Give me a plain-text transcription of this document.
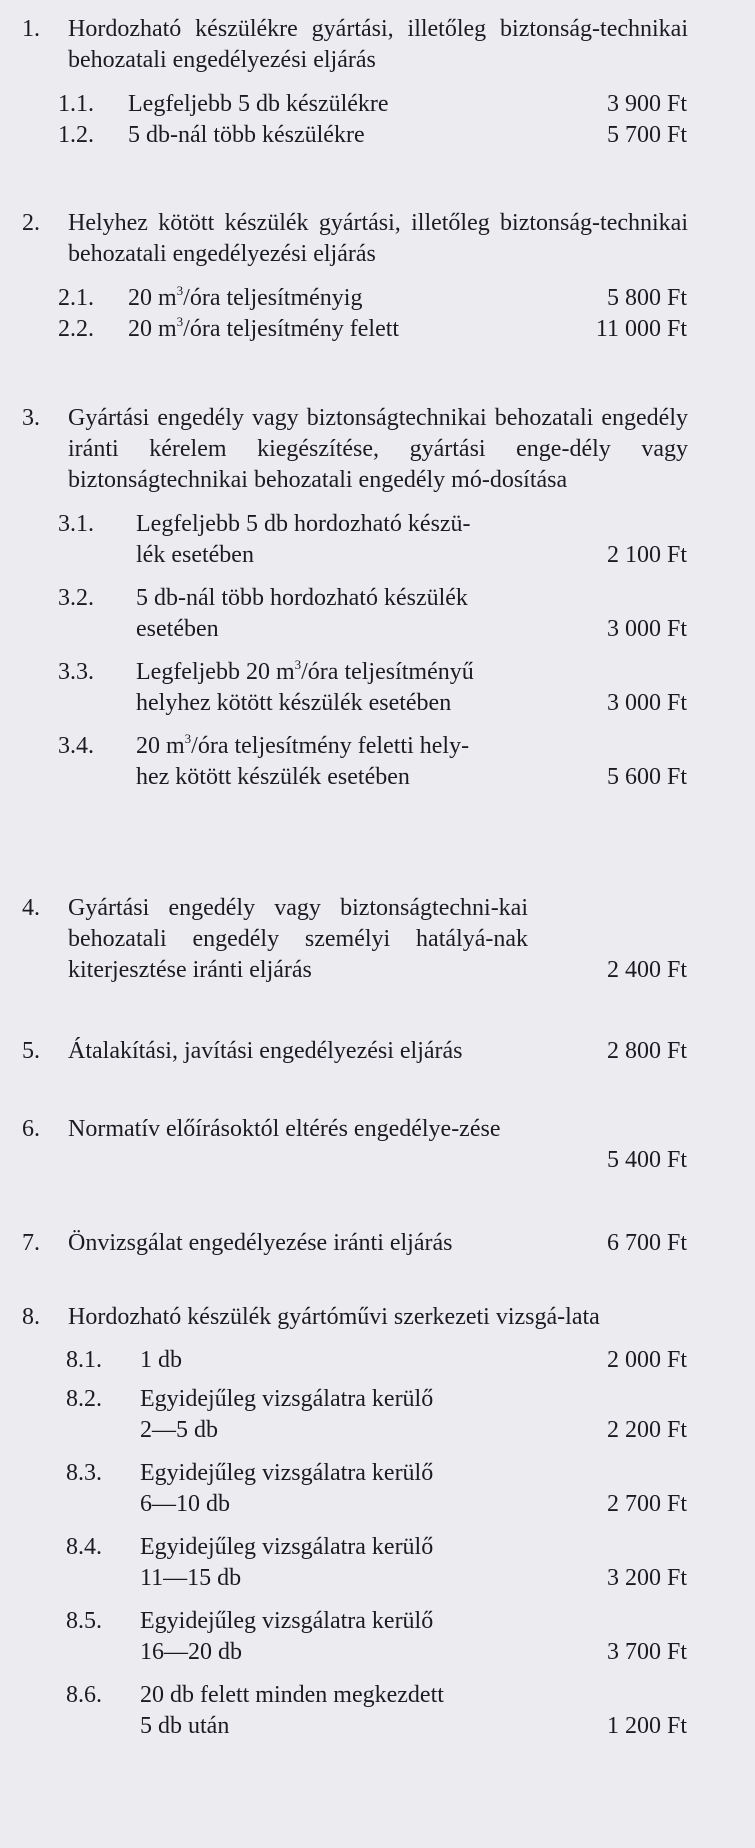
1. Hordozható készülékre gyártási, illetőleg biztonság-technikai behozatali engedélyezési eljárás
1.1. Legfeljebb 5 db készülékre	3 900 Ft
1.2. 5 db-nál több készülékre	5 700 Ft
2. Helyhez kötött készülék gyártási, illetőleg biztonság-technikai behozatali engedélyezési eljárás
2.1. 20 $m^3$/óra teljesítményig	5 800 Ft
2.2. 20 $m^3$/óra teljesítmény felett	11 000 Ft
3. Gyártási engedély vagy biztonságtechnikai behozatali engedély iránti kérelem kiegészítése, gyártási enge-dély vagy biztonságtechnikai behozatali engedély mó-dosítása
3.1. Legfeljebb 5 db hordozható készü-
lék esetében	2 100 Ft
3.2. 5 db-nál több hordozható készülék
esetében	3 000 Ft
3.3. Legfeljebb 20 $m^3$/óra teljesítményű
helyhez kötött készülék esetében	3 000 Ft
3.4. 20 $m^3$/óra teljesítmény feletti hely-
hez kötött készülék esetében	5 600 Ft
4. Gyártási engedély vagy biztonságtechni-kai behozatali engedély személyi hatályá-nak kiterjesztése iránti eljárás	2 400 Ft
5. Átalakítási, javítási engedélyezési eljárás	2 800 Ft
6. Normatív előírásoktól eltérés engedélye-zése
5 400 Ft
7. Önvizsgálat engedélyezése iránti eljárás	6 700 Ft
8. Hordozható készülék gyártóművi szerkezeti vizsgá-lata
8.1. 1 db	2 000 Ft
8.2. Egyidejűleg vizsgálatra kerülő
2—5 db	2 200 Ft
8.3. Egyidejűleg vizsgálatra kerülő
6—10 db	2 700 Ft
8.4. Egyidejűleg vizsgálatra kerülő
11—15 db	3 200 Ft
8.5. Egyidejűleg vizsgálatra kerülő
16—20 db	3 700 Ft
8.6. 20 db felett minden megkezdett
5 db után	1 200 Ft
